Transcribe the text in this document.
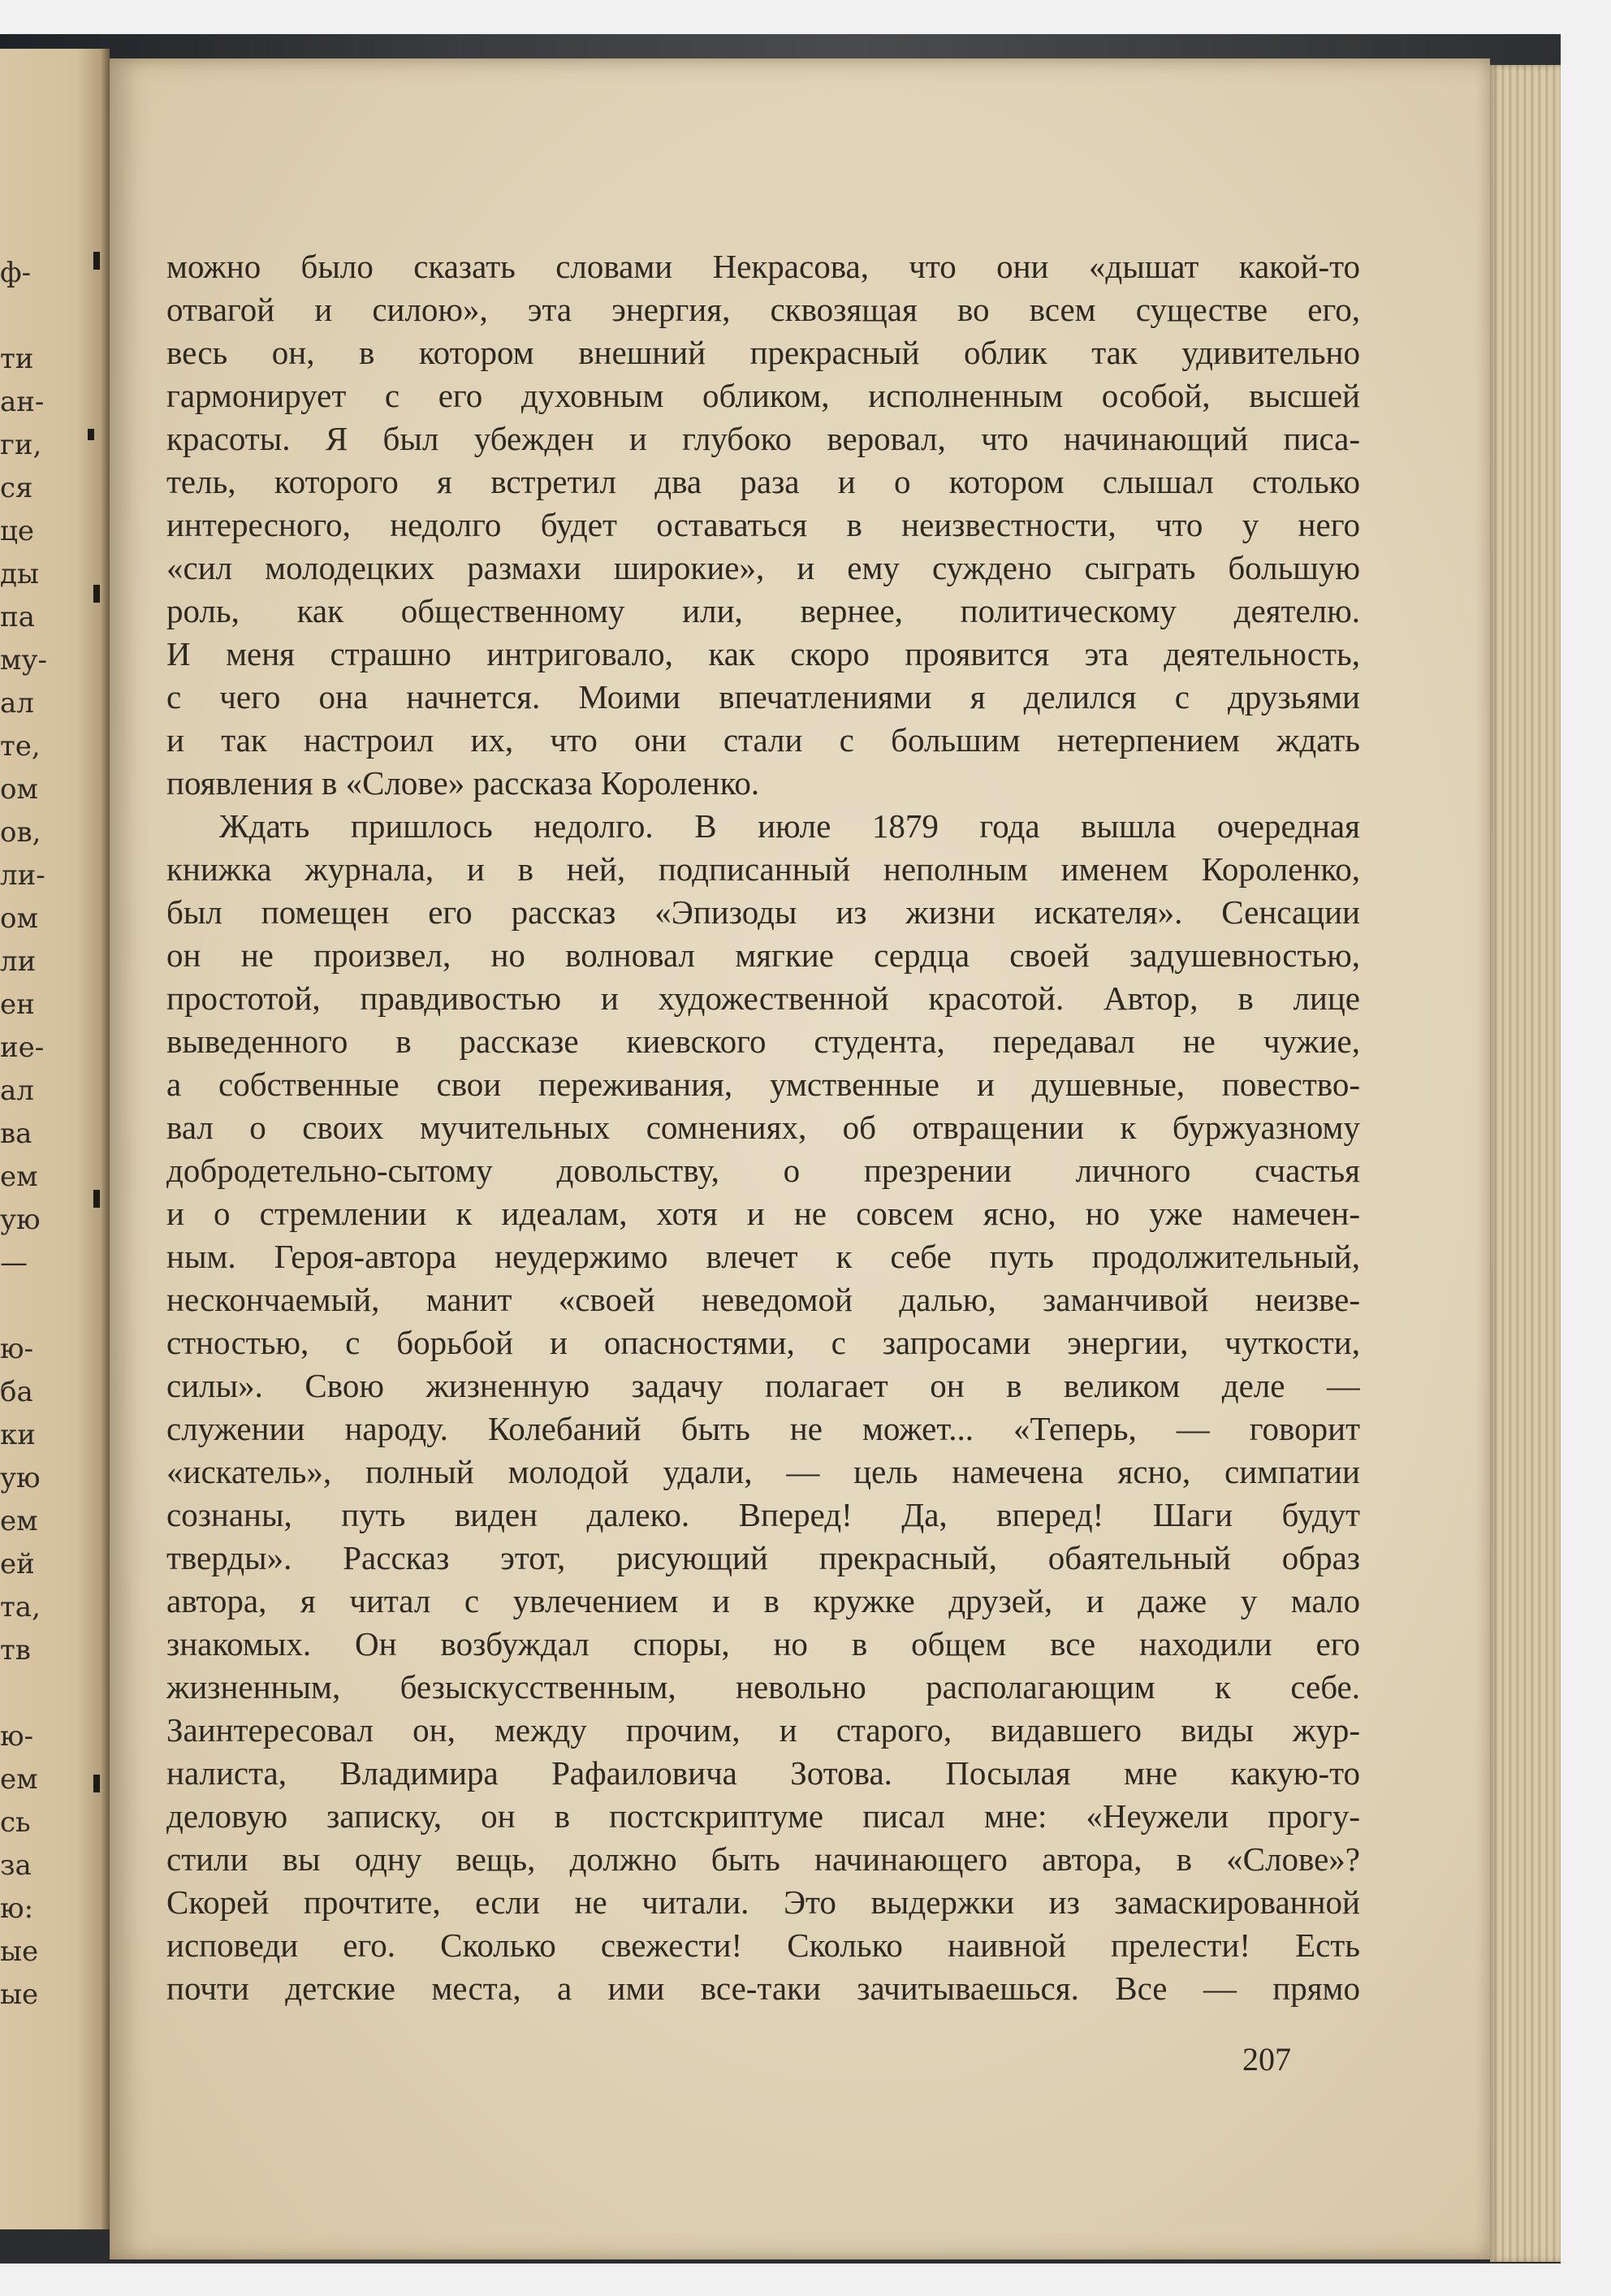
ф-
ти
ан-
ги,
ся
це
ды
па
му-
ал
те,
ом
ов,
ли-
ом
ли
ен
ие-
ал
ва
ем
ую
—
ю-
ба
ки
ую
ем
ей
та,
тв
ю-
ем
сь
за
ю:
ые
ые
можно было сказать словами Некрасова, что они «дышат какой-то
отвагой и силою», эта энергия, сквозящая во всем существе его,
весь он, в котором внешний прекрасный облик так удивительно
гармонирует с его духовным обликом, исполненным особой, высшей
красоты. Я был убежден и глубоко веровал, что начинающий писа-
тель, которого я встретил два раза и о котором слышал столько
интересного, недолго будет оставаться в неизвестности, что у него
«сил молодецких размахи широкие», и ему суждено сыграть большую
роль, как общественному или, вернее, политическому деятелю.
И меня страшно интриговало, как скоро проявится эта деятельность,
с чего она начнется. Моими впечатлениями я делился с друзьями
и так настроил их, что они стали с большим нетерпением ждать
появления в «Слове» рассказа Короленко.
Ждать пришлось недолго. В июле 1879 года вышла очередная
книжка журнала, и в ней, подписанный неполным именем Короленко,
был помещен его рассказ «Эпизоды из жизни искателя». Сенсации
он не произвел, но волновал мягкие сердца своей задушевностью,
простотой, правдивостью и художественной красотой. Автор, в лице
выведенного в рассказе киевского студента, передавал не чужие,
а собственные свои переживания, умственные и душевные, повество-
вал о своих мучительных сомнениях, об отвращении к буржуазному
добродетельно-сытому довольству, о презрении личного счастья
и о стремлении к идеалам, хотя и не совсем ясно, но уже намечен-
ным. Героя-автора неудержимо влечет к себе путь продолжительный,
нескончаемый, манит «своей неведомой далью, заманчивой неизве-
стностью, с борьбой и опасностями, с запросами энергии, чуткости,
силы». Свою жизненную задачу полагает он в великом деле —
служении народу. Колебаний быть не может... «Теперь, — говорит
«искатель», полный молодой удали, — цель намечена ясно, симпатии
сознаны, путь виден далеко. Вперед! Да, вперед! Шаги будут
тверды». Рассказ этот, рисующий прекрасный, обаятельный образ
автора, я читал с увлечением и в кружке друзей, и даже у мало
знакомых. Он возбуждал споры, но в общем все находили его
жизненным, безыскусственным, невольно располагающим к себе.
Заинтересовал он, между прочим, и старого, видавшего виды жур-
налиста, Владимира Рафаиловича Зотова. Посылая мне какую-то
деловую записку, он в постскриптуме писал мне: «Неужели прогу-
стили вы одну вещь, должно быть начинающего автора, в «Слове»?
Скорей прочтите, если не читали. Это выдержки из замаскированной
исповеди его. Сколько свежести! Сколько наивной прелести! Есть
почти детские места, а ими все-таки зачитываешься. Все — прямо
207
